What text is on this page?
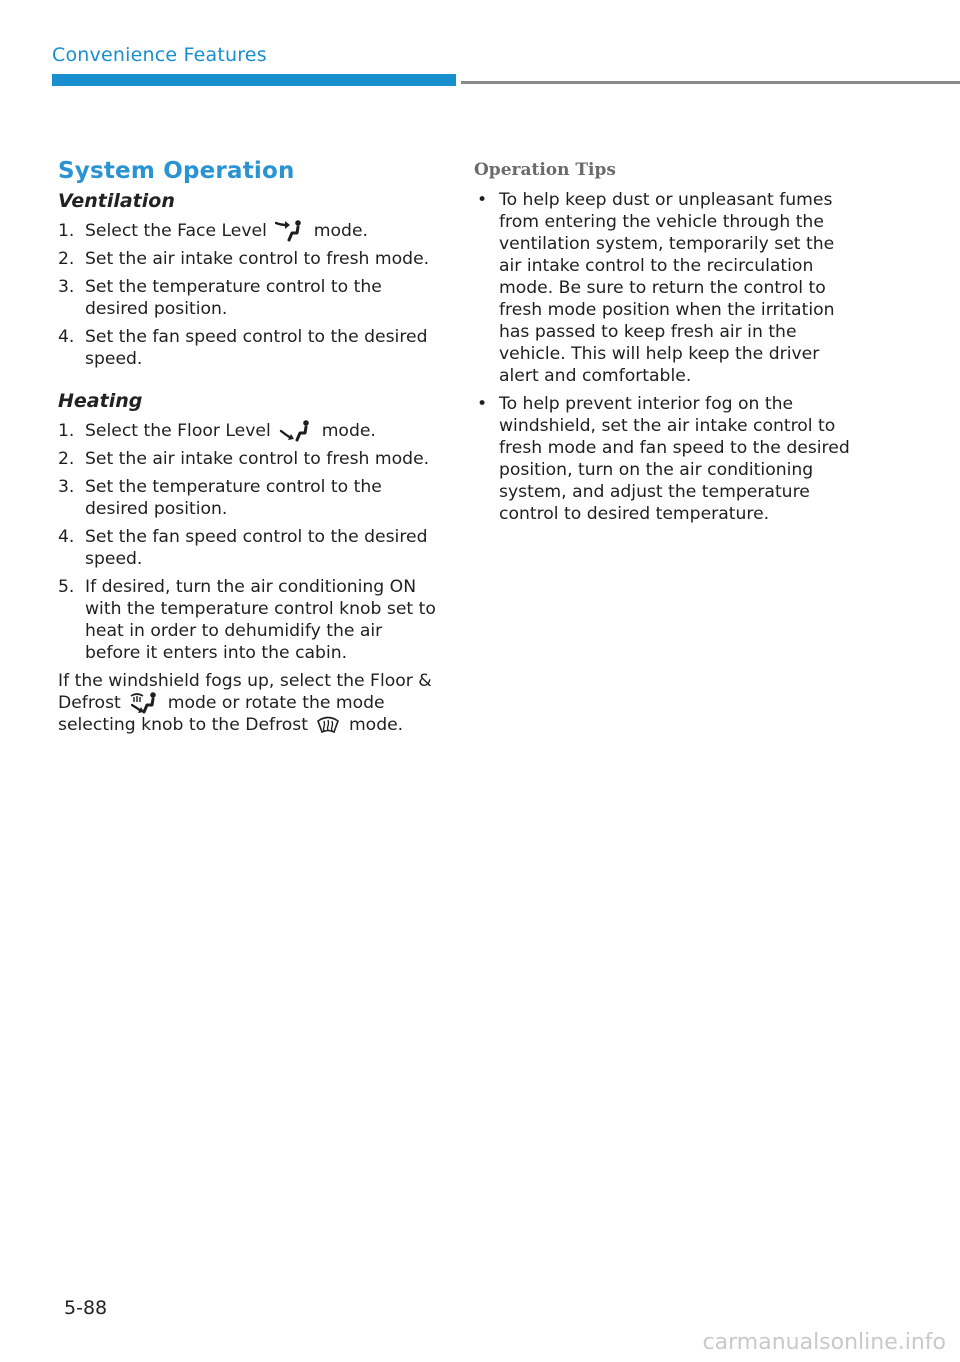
Convenience Features
System Operation
Ventilation
1. Select the Face Level	mode.
2. Set the air intake control to fresh mode.
3. Set the temperature control to the desired position.
4. Set the fan speed control to the desired speed.
Heating
1. Select the Floor Level	mode.
2. Set the air intake control to fresh mode.
3. Set the temperature control to the desired position.
4. Set the fan speed control to the desired speed.
5. If desired, turn the air conditioning ON with the temperature control knob set to heat in order to dehumidify the air before it enters into the cabin.

If the windshield fogs up, select the Floor & Defrost	mode or rotate the mode selecting knob to the Defrost mode.

Operation Tips
• To help keep dust or unpleasant fumes from entering the vehicle through the ventilation system, temporarily set the air intake control to the recirculation mode. Be sure to return the control to fresh mode position when the irritation has passed to keep fresh air in the vehicle. This will help keep the driver alert and comfortable.
• To help prevent interior fog on the windshield, set the air intake control to fresh mode and fan speed to the desired position, turn on the air conditioning system, and adjust the temperature control to desired temperature.
5-88
carmanualsonline.info
